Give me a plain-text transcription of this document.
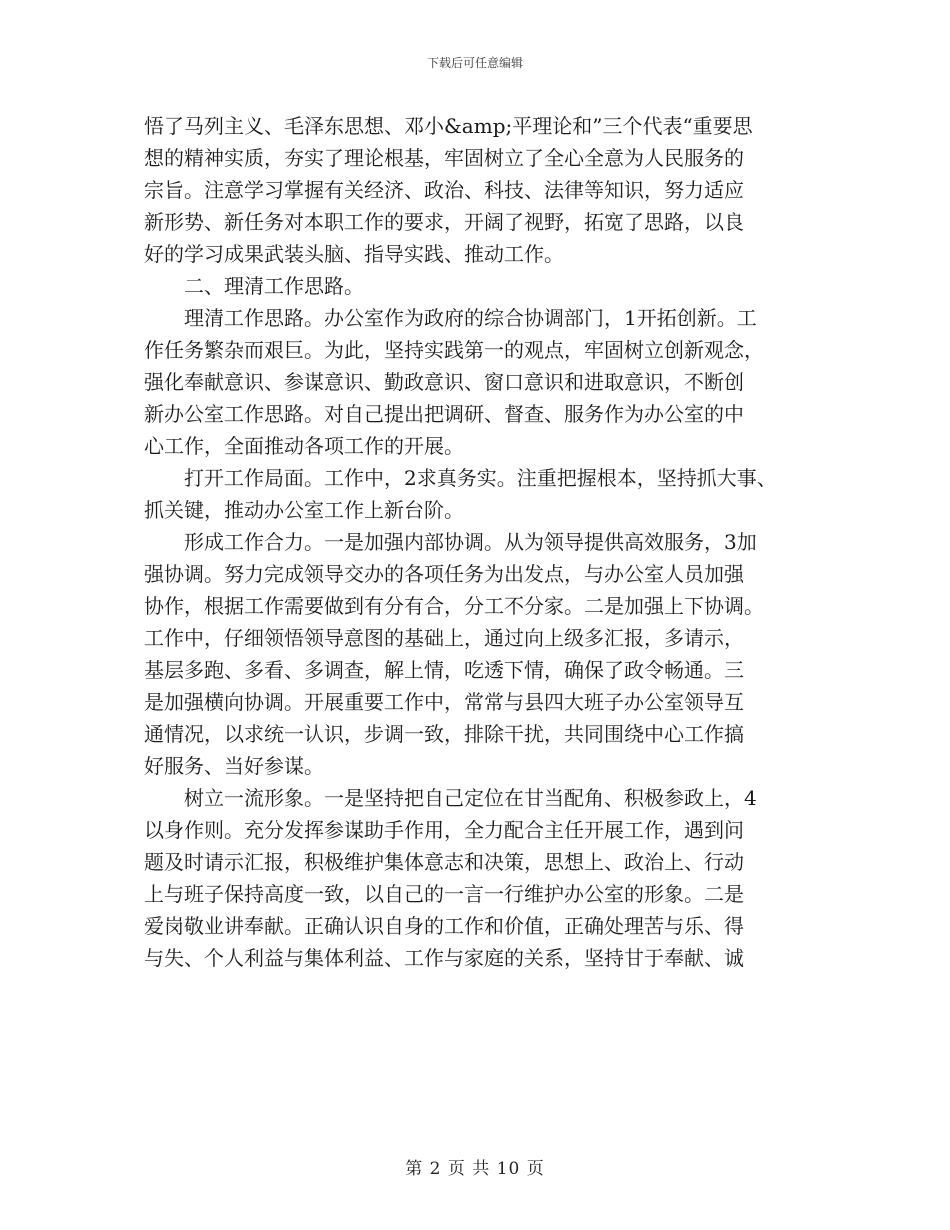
下载后可任意编辑
悟了马列主义、毛泽东思想、邓小&amp;平理论和”三个代表“重要思
想的精神实质，夯实了理论根基，牢固树立了全心全意为人民服务的
宗旨。注意学习掌握有关经济、政治、科技、法律等知识，努力适应
新形势、新任务对本职工作的要求，开阔了视野，拓宽了思路，以良
好的学习成果武装头脑、指导实践、推动工作。
二、理清工作思路。
理清工作思路。办公室作为政府的综合协调部门，1开拓创新。工
作任务繁杂而艰巨。为此，坚持实践第一的观点，牢固树立创新观念，
强化奉献意识、参谋意识、勤政意识、窗口意识和进取意识，不断创
新办公室工作思路。对自己提出把调研、督查、服务作为办公室的中
心工作，全面推动各项工作的开展。
打开工作局面。工作中，2求真务实。注重把握根本，坚持抓大事、
抓关键，推动办公室工作上新台阶。
形成工作合力。一是加强内部协调。从为领导提供高效服务，3加
强协调。努力完成领导交办的各项任务为出发点，与办公室人员加强
协作，根据工作需要做到有分有合，分工不分家。二是加强上下协调。
工作中，仔细领悟领导意图的基础上，通过向上级多汇报，多请示，
基层多跑、多看、多调查，解上情，吃透下情，确保了政令畅通。三
是加强横向协调。开展重要工作中，常常与县四大班子办公室领导互
通情况，以求统一认识，步调一致，排除干扰，共同围绕中心工作搞
好服务、当好参谋。
树立一流形象。一是坚持把自己定位在甘当配角、积极参政上，4
以身作则。充分发挥参谋助手作用，全力配合主任开展工作，遇到问
题及时请示汇报，积极维护集体意志和决策，思想上、政治上、行动
上与班子保持高度一致，以自己的一言一行维护办公室的形象。二是
爱岗敬业讲奉献。正确认识自身的工作和价值，正确处理苦与乐、得
与失、个人利益与集体利益、工作与家庭的关系，坚持甘于奉献、诚
第 2 页 共 10 页
